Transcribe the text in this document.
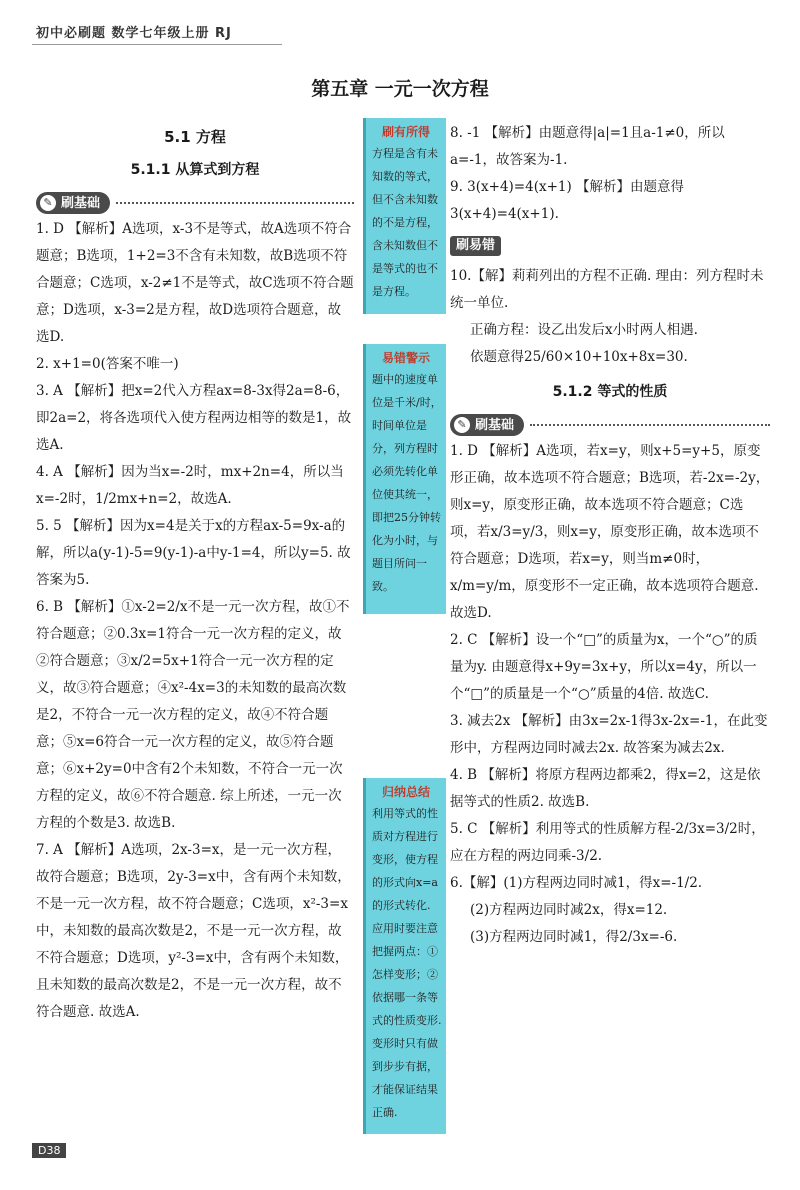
初中必刷题 数学七年级上册 RJ
第五章 一元一次方程
5.1 方程
5.1.1 从算式到方程
✎ 刷基础
1. D 【解析】A选项，x-3不是等式，故A选项不符合题意；B选项，1+2=3不含有未知数，故B选项不符合题意；C选项，x-2≠1不是等式，故C选项不符合题意；D选项，x-3=2是方程，故D选项符合题意，故选D.
2. x+1=0(答案不唯一)
3. A 【解析】把x=2代入方程ax=8-3x得2a=8-6，即2a=2，将各选项代入使方程两边相等的数是1，故选A.
4. A 【解析】因为当x=-2时，mx+2n=4，所以当x=-2时，1/2mx+n=2，故选A.
5. 5 【解析】因为x=4是关于x的方程ax-5=9x-a的解，所以a(y-1)-5=9(y-1)-a中y-1=4，所以y=5. 故答案为5.
6. B 【解析】①x-2=2/x不是一元一次方程，故①不符合题意；②0.3x=1符合一元一次方程的定义，故②符合题意；③x/2=5x+1符合一元一次方程的定义，故③符合题意；④x²-4x=3的未知数的最高次数是2，不符合一元一次方程的定义，故④不符合题意；⑤x=6符合一元一次方程的定义，故⑤符合题意；⑥x+2y=0中含有2个未知数，不符合一元一次方程的定义，故⑥不符合题意. 综上所述，一元一次方程的个数是3. 故选B.
7. A 【解析】A选项，2x-3=x，是一元一次方程，故符合题意；B选项，2y-3=x中，含有两个未知数，不是一元一次方程，故不符合题意；C选项，x²-3=x中，未知数的最高次数是2，不是一元一次方程，故不符合题意；D选项，y²-3=x中，含有两个未知数，且未知数的最高次数是2，不是一元一次方程，故不符合题意. 故选A.
刷有所得
方程是含有未知数的等式，但不含未知数的不是方程，含未知数但不是等式的也不是方程。
易错警示
题中的速度单位是千米/时，时间单位是分，列方程时必须先转化单位使其统一，即把25分钟转化为小时，与题目所问一致。
归纳总结
利用等式的性质对方程进行变形，使方程的形式向x=a的形式转化. 应用时要注意把握两点：①怎样变形；②依据哪一条等式的性质变形. 变形时只有做到步步有据，才能保证结果正确.
8. -1 【解析】由题意得|a|=1且a-1≠0，所以a=-1，故答案为-1.
9. 3(x+4)=4(x+1) 【解析】由题意得3(x+4)=4(x+1).
刷易错
10.【解】莉莉列出的方程不正确. 理由：列方程时未统一单位.
正确方程：设乙出发后x小时两人相遇.
依题意得25/60×10+10x+8x=30.
5.1.2 等式的性质
✎ 刷基础
1. D 【解析】A选项，若x=y，则x+5=y+5，原变形正确，故本选项不符合题意；B选项，若-2x=-2y，则x=y，原变形正确，故本选项不符合题意；C选项，若x/3=y/3，则x=y，原变形正确，故本选项不符合题意；D选项，若x=y，则当m≠0时，x/m=y/m，原变形不一定正确，故本选项符合题意. 故选D.
2. C 【解析】设一个“□”的质量为x，一个“○”的质量为y. 由题意得x+9y=3x+y，所以x=4y，所以一个“□”的质量是一个“○”质量的4倍. 故选C.
3. 减去2x 【解析】由3x=2x-1得3x-2x=-1，在此变形中，方程两边同时减去2x. 故答案为减去2x.
4. B 【解析】将原方程两边都乘2，得x=2，这是依据等式的性质2. 故选B.
5. C 【解析】利用等式的性质解方程-2/3x=3/2时，应在方程的两边同乘-3/2.
6.【解】(1)方程两边同时减1，得x=-1/2.
(2)方程两边同时减2x，得x=12.
(3)方程两边同时减1，得2/3x=-6.
D38
